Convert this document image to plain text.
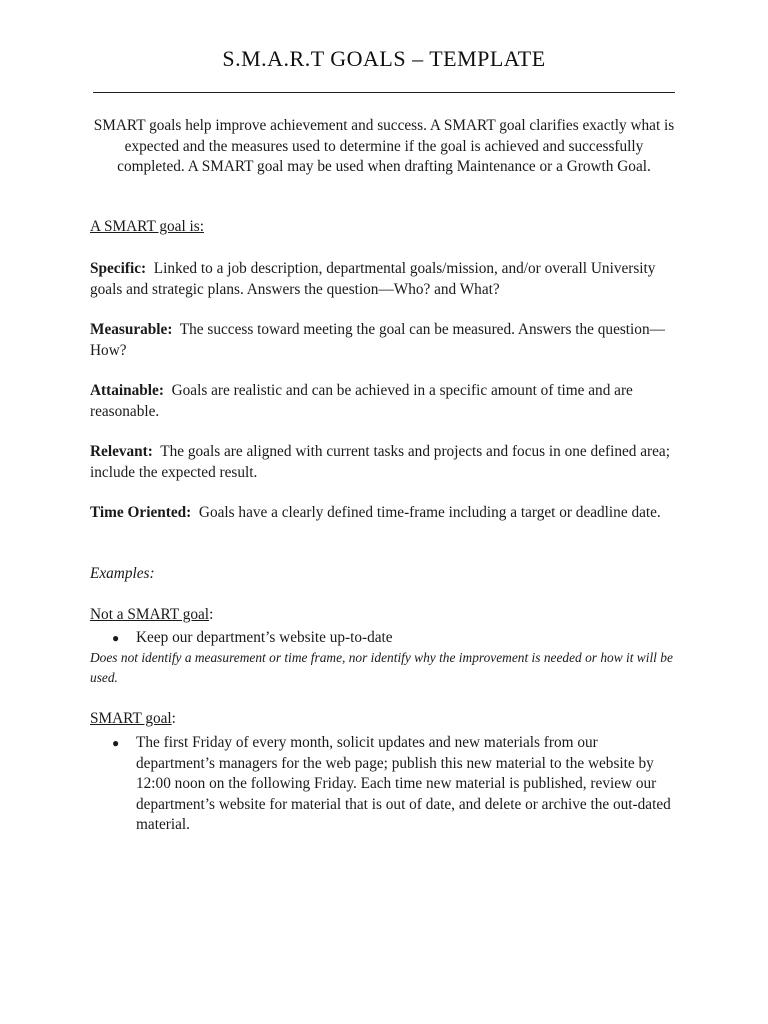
S.M.A.R.T GOALS – TEMPLATE
SMART goals help improve achievement and success. A SMART goal clarifies exactly what is expected and the measures used to determine if the goal is achieved and successfully completed. A SMART goal may be used when drafting Maintenance or a Growth Goal.
A SMART goal is:
Specific: Linked to a job description, departmental goals/mission, and/or overall University goals and strategic plans. Answers the question—Who? and What?
Measurable: The success toward meeting the goal can be measured. Answers the question—How?
Attainable: Goals are realistic and can be achieved in a specific amount of time and are reasonable.
Relevant: The goals are aligned with current tasks and projects and focus in one defined area; include the expected result.
Time Oriented: Goals have a clearly defined time-frame including a target or deadline date.
Examples:
Not a SMART goal:
●	Keep our department’s website up-to-date
Does not identify a measurement or time frame, nor identify why the improvement is needed or how it will be used.
SMART goal:
●	The first Friday of every month, solicit updates and new materials from our department’s managers for the web page; publish this new material to the website by 12:00 noon on the following Friday. Each time new material is published, review our department’s website for material that is out of date, and delete or archive the out-dated material.
